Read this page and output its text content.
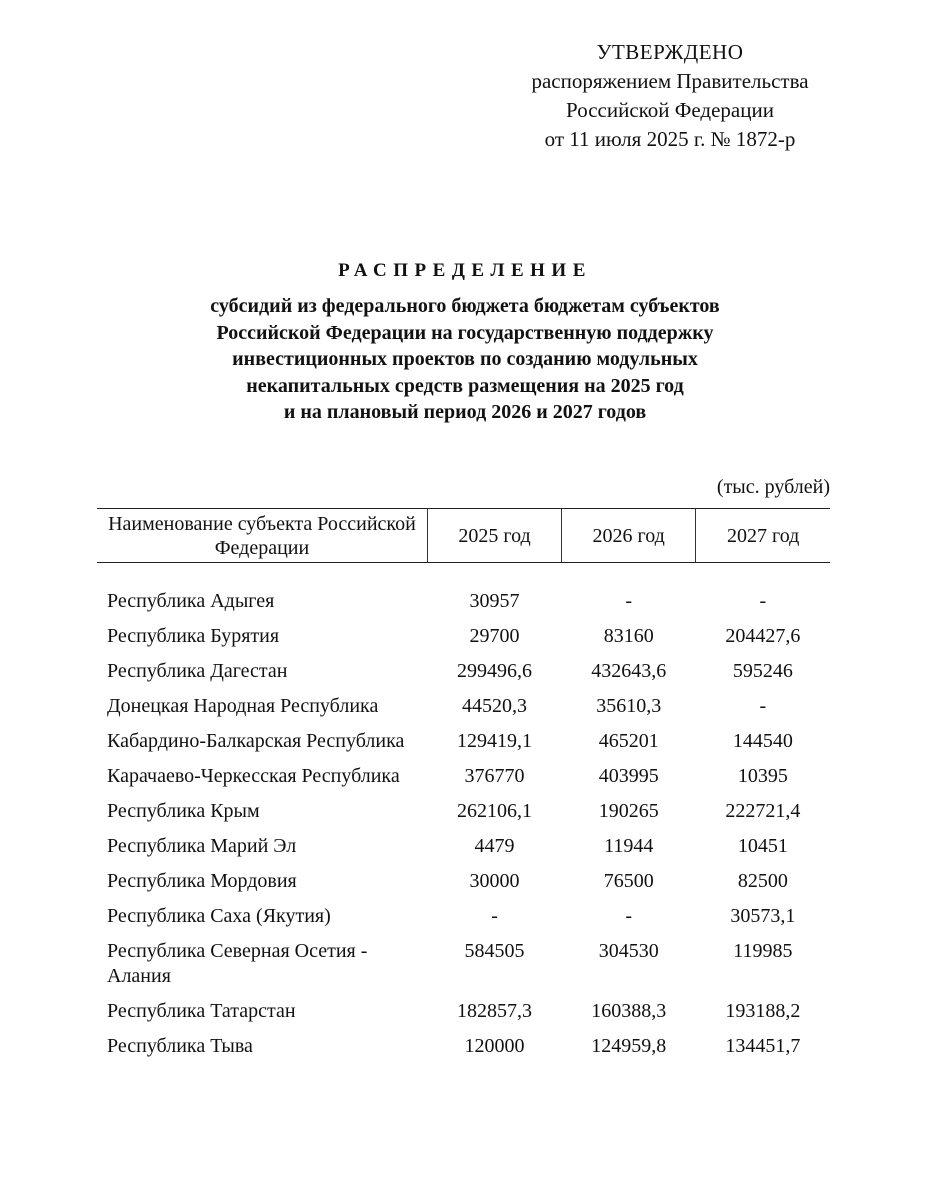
УТВЕРЖДЕНО
распоряжением Правительства
Российской Федерации
от 11 июля 2025 г. № 1872-р
РАСПРЕДЕЛЕНИЕ
субсидий из федерального бюджета бюджетам субъектов
Российской Федерации на государственную поддержку
инвестиционных проектов по созданию модульных
некапитальных средств размещения на 2025 год
и на плановый период 2026 и 2027 годов
(тыс. рублей)
Наименование субъекта Российской Федерации	2025 год	2026 год	2027 год

Республика Адыгея	30957	-	-
Республика Бурятия	29700	83160	204427,6
Республика Дагестан	299496,6	432643,6	595246
Донецкая Народная Республика	44520,3	35610,3	-
Кабардино-Балкарская Республика	129419,1	465201	144540
Карачаево-Черкесская Республика	376770	403995	10395
Республика Крым	262106,1	190265	222721,4
Республика Марий Эл	4479	11944	10451
Республика Мордовия	30000	76500	82500
Республика Саха (Якутия)	-	-	30573,1
Республика Северная Осетия - Алания	584505	304530	119985
Республика Татарстан	182857,3	160388,3	193188,2
Республика Тыва	120000	124959,8	134451,7
